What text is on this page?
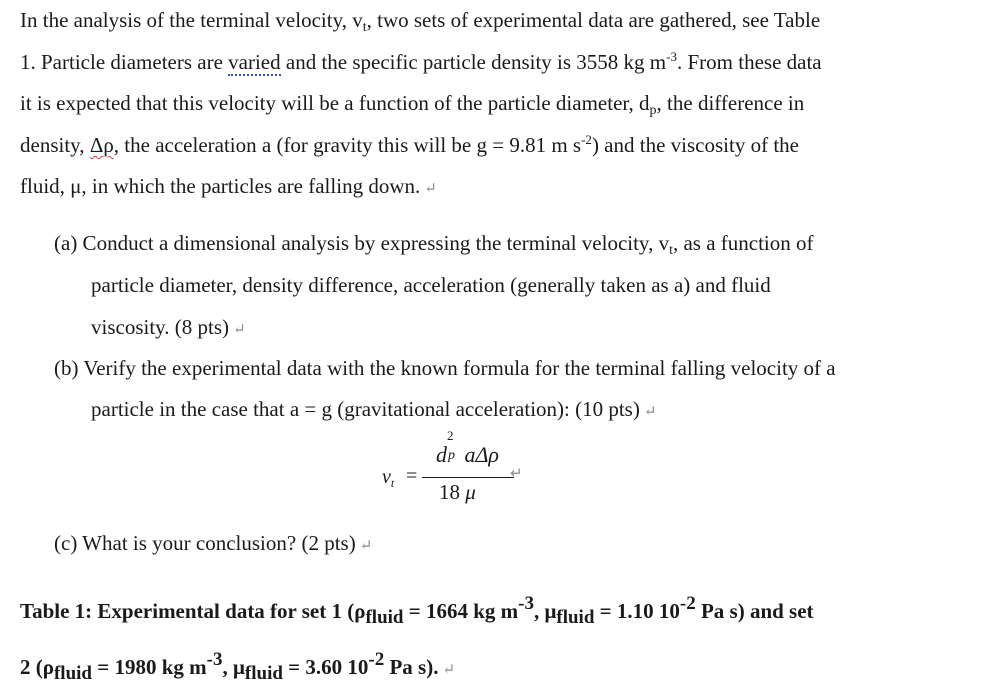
In the analysis of the terminal velocity, $v_t$, two sets of experimental data are gathered, see Table
1. Particle diameters are varied and the specific particle density is 3558 kg $m^{-3}$. From these data
it is expected that this velocity will be a function of the particle diameter, $d_p$, the difference in
density, Δρ, the acceleration a (for gravity this will be g = 9.81 m $s^{-2}$) and the viscosity of the
fluid, μ, in which the particles are falling down. ↵
(a) Conduct a dimensional analysis by expressing the terminal velocity, $v_t$, as a function of
particle diameter, density difference, acceleration (generally taken as a) and fluid
viscosity. (8 pts) ↵
(b) Verify the experimental data with the known formula for the terminal falling velocity of a
particle in the case that a = g (gravitational acceleration): (10 pts) ↵
$v_t$ =
d
2
p aΔρ
18 μ
↵
(c) What is your conclusion? (2 pts) ↵
Table 1: Experimental data for set 1 (ρfluid = 1664 kg m-3, μfluid = 1.10 10-2 Pa s) and set
2 (ρfluid = 1980 kg m-3, μfluid = 3.60 10-2 Pa s). ↵
